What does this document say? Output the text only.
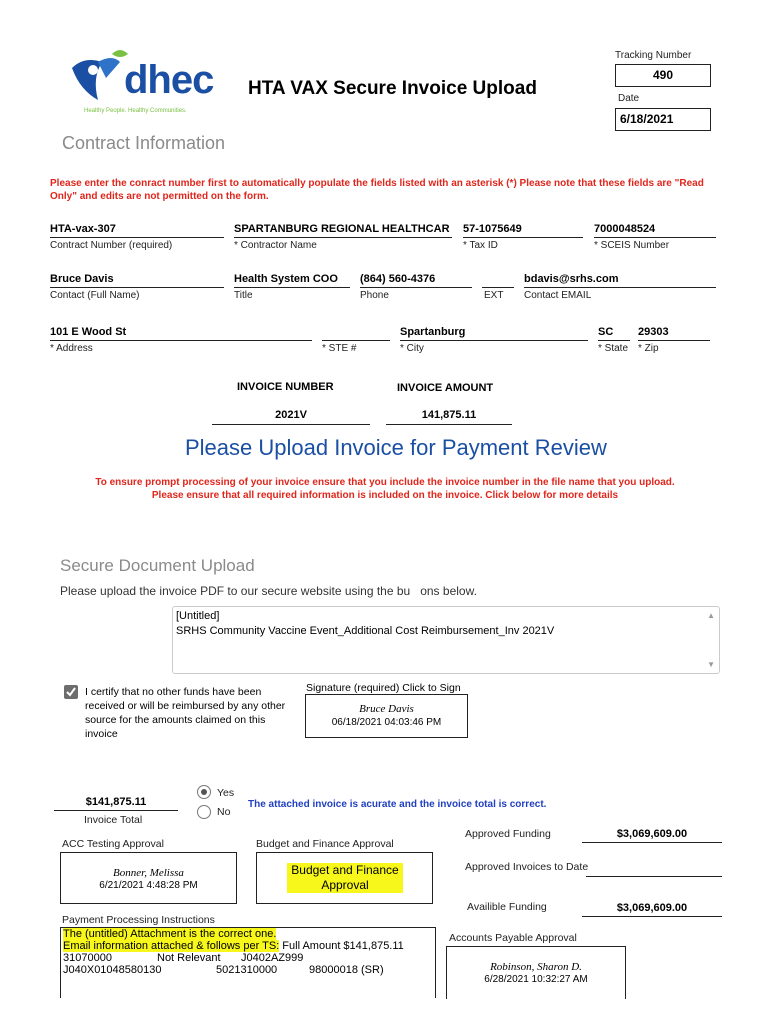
dhec
Healthy People. Healthy Communities.
HTA VAX Secure Invoice Upload
Tracking Number
490
Date
6/18/2021
Contract Information
Please enter the conract number first to automatically populate the fields listed with an asterisk (*) Please note that these fields are "Read Only" and edits are not permitted on the form.
HTA-vax-307
Contract Number (required)
SPARTANBURG REGIONAL HEALTHCAR
* Contractor Name
57-1075649
* Tax ID
7000048524
* SCEIS Number
Bruce Davis
Contact (Full Name)
Health System COO
Title
(864) 560-4376
Phone	EXT
bdavis@srhs.com
Contact EMAIL
101 E Wood St
* Address	* STE #
Spartanburg
* City
SC
* State
29303
* Zip
INVOICE NUMBER
2021V
INVOICE AMOUNT
141,875.11
Please Upload Invoice for Payment Review
To ensure prompt processing of your invoice ensure that you include the invoice number in the file name that you upload.
Please ensure that all required information is included on the invoice. Click below for more details
Secure Document Upload
Please upload the invoice PDF to our secure website using the bu   ons below.
[Untitled]
SRHS Community Vaccine Event_Additional Cost Reimbursement_Inv 2021V
▲
▼
I certify that no other funds have been received or will be reimbursed by any other source for the amounts claimed on this invoice
Signature (required) Click to Sign
Bruce Davis
06/18/2021 04:03:46 PM
$141,875.11
Invoice Total
Yes
No
The attached invoice is acurate and the invoice total is correct.
Approved Funding	$3,069,609.00
ACC Testing Approval
Bonner, Melissa
6/21/2021 4:48:28 PM
Budget and Finance Approval
Budget and Finance Approval
Approved Invoices to Date
Availible Funding	$3,069,609.00
Payment Processing Instructions
The (untitled) Attachment is the correct one.
Email information attached & follows per TS: Full Amount $141,875.11
31070000	Not Relevant J0402AZ999
J040X01048580130	5021310000	98000018 (SR)
Accounts Payable Approval
Robinson, Sharon D.
6/28/2021 10:32:27 AM
